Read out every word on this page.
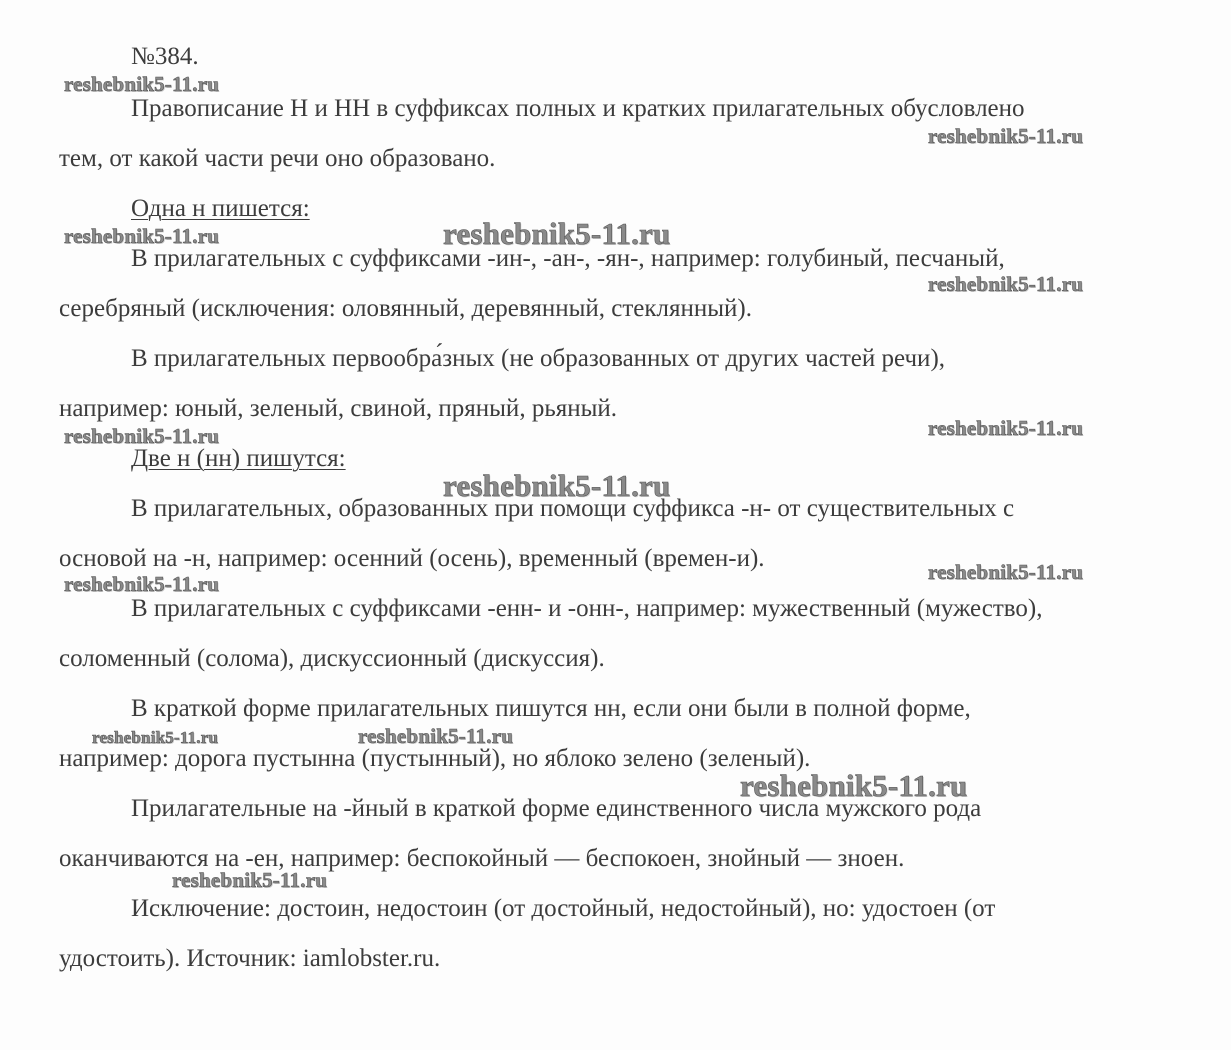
№384.
Правописание Н и НН в суффиксах полных и кратких прилагательных обусловлено
тем, от какой части речи оно образовано.
Одна н пишется:
В прилагательных с суффиксами -ин-, -ан-, -ян-, например: голубиный, песчаный,
серебряный (исключения: оловянный, деревянный, стеклянный).
В прилагательных первообра́зных (не образованных от других частей речи),
например: юный, зеленый, свиной, пряный, рьяный.
Две н (нн) пишутся:
В прилагательных, образованных при помощи суффикса -н- от существительных с
основой на -н, например: осенний (осень), временный (времен-и).
В прилагательных с суффиксами -енн- и -онн-, например: мужественный (мужество),
соломенный (солома), дискуссионный (дискуссия).
В краткой форме прилагательных пишутся нн, если они были в полной форме,
например: дорога пустынна (пустынный), но яблоко зелено (зеленый).
Прилагательные на -йный в краткой форме единственного числа мужского рода
оканчиваются на -ен, например: беспокойный — беспокоен, знойный — зноен.
Исключение: достоин, недостоин (от достойный, недостойный), но: удостоен (от
удостоить). Источник: iamlobster.ru.
reshebnik5-11.ru
reshebnik5-11.ru
reshebnik5-11.ru	reshebnik5-11.ru
reshebnik5-11.ru
reshebnik5-11.ru	reshebnik5-11.ru
reshebnik5-11.ru
reshebnik5-11.ru	reshebnik5-11.ru
reshebnik5-11.ru	reshebnik5-11.ru
reshebnik5-11.ru
reshebnik5-11.ru
